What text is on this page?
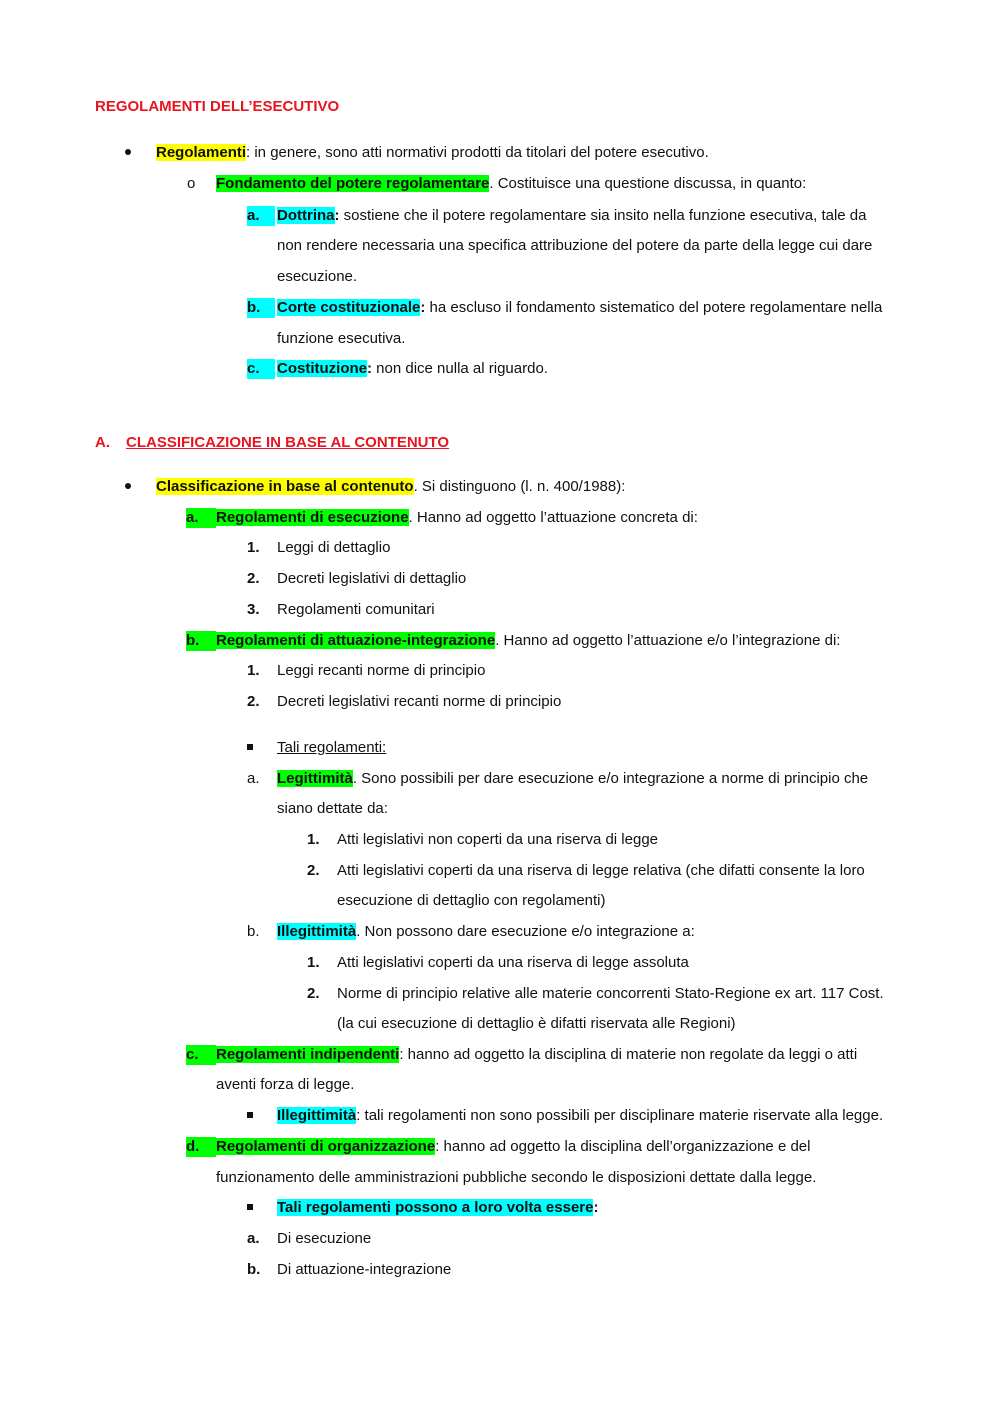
REGOLAMENTI DELL’ESECUTIVO
Regolamenti: in genere, sono atti normativi prodotti da titolari del potere esecutivo.
o Fondamento del potere regolamentare. Costituisce una questione discussa, in quanto:
a.	Dottrina: sostiene che il potere regolamentare sia insito nella funzione esecutiva, tale da
non rendere necessaria una specifica attribuzione del potere da parte della legge cui dare
esecuzione.
b.	Corte costituzionale: ha escluso il fondamento sistematico del potere regolamentare nella
funzione esecutiva.
c.	Costituzione: non dice nulla al riguardo.
A. CLASSIFICAZIONE IN BASE AL CONTENUTO
Classificazione in base al contenuto. Si distinguono (l. n. 400/1988):
a.	Regolamenti di esecuzione. Hanno ad oggetto l’attuazione concreta di:
1. Leggi di dettaglio
2. Decreti legislativi di dettaglio
3. Regolamenti comunitari
b.	Regolamenti di attuazione-integrazione. Hanno ad oggetto l’attuazione e/o l’integrazione di:
1. Leggi recanti norme di principio
2. Decreti legislativi recanti norme di principio
Tali regolamenti:
a. Legittimità. Sono possibili per dare esecuzione e/o integrazione a norme di principio che
siano dettate da:
1. Atti legislativi non coperti da una riserva di legge
2. Atti legislativi coperti da una riserva di legge relativa (che difatti consente la loro
esecuzione di dettaglio con regolamenti)
b. Illegittimità. Non possono dare esecuzione e/o integrazione a:
1. Atti legislativi coperti da una riserva di legge assoluta
2. Norme di principio relative alle materie concorrenti Stato-Regione ex art. 117 Cost.
(la cui esecuzione di dettaglio è difatti riservata alle Regioni)
c.	Regolamenti indipendenti: hanno ad oggetto la disciplina di materie non regolate da leggi o atti
aventi forza di legge.
Illegittimità: tali regolamenti non sono possibili per disciplinare materie riservate alla legge.
d.	Regolamenti di organizzazione: hanno ad oggetto la disciplina dell’organizzazione e del
funzionamento delle amministrazioni pubbliche secondo le disposizioni dettate dalla legge.
Tali regolamenti possono a loro volta essere:
a. Di esecuzione
b. Di attuazione-integrazione
